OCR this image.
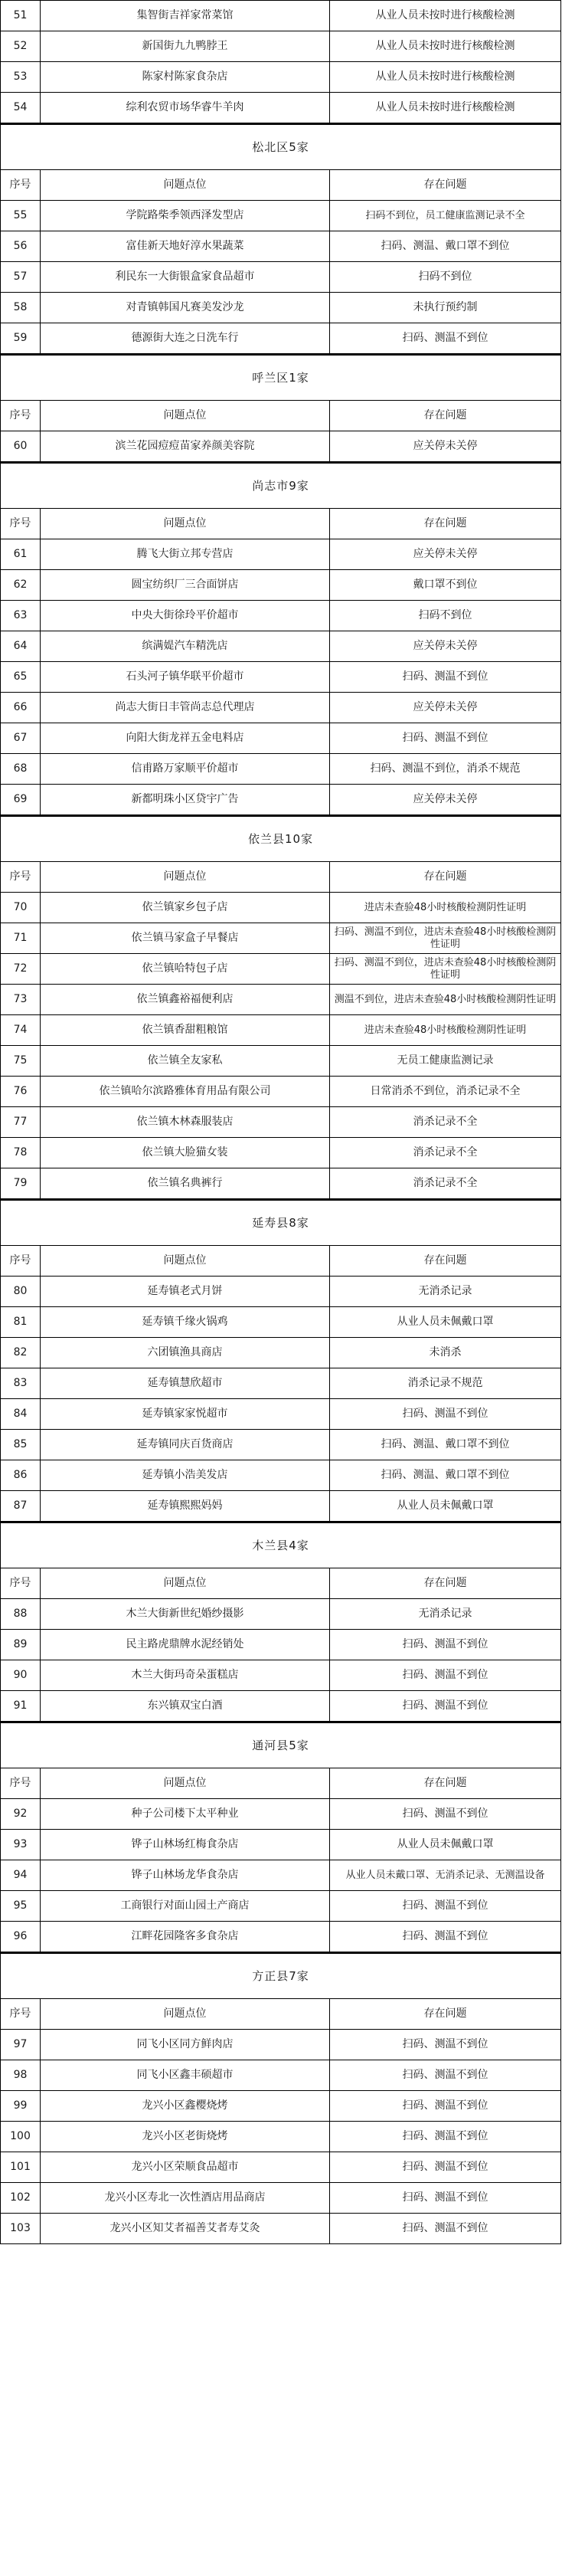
51	集智街吉祥家常菜馆	从业人员未按时进行核酸检测
52	新国街九九鸭脖王	从业人员未按时进行核酸检测
53	陈家村陈家食杂店	从业人员未按时进行核酸检测
54	综利农贸市场华睿牛羊肉	从业人员未按时进行核酸检测
松北区5家		
序号	问题点位	存在问题
55	学院路柴季领西泽发型店	扫码不到位，员工健康监测记录不全
56	富佳新天地好淳水果蔬菜	扫码、测温、戴口罩不到位
57	利民东一大街银盒家食品超市	扫码不到位
58	对青镇韩国凡赛美发沙龙	未执行预约制
59	德源街大连之日洗车行	扫码、测温不到位
呼兰区1家		
序号	问题点位	存在问题
60	滨兰花园痘痘苗家养颜美容院	应关停未关停
尚志市9家		
序号	问题点位	存在问题
61	腾飞大街立邦专营店	应关停未关停
62	圆宝纺织厂三合面饼店	戴口罩不到位
63	中央大街徐玲平价超市	扫码不到位
64	缤满媞汽车精洗店	应关停未关停
65	石头河子镇华联平价超市	扫码、测温不到位
66	尚志大街日丰管尚志总代理店	应关停未关停
67	向阳大街龙祥五金电料店	扫码、测温不到位
68	信甫路万家顺平价超市	扫码、测温不到位，消杀不规范
69	新都明珠小区贷宇广告	应关停未关停
依兰县10家		
序号	问题点位	存在问题
70	依兰镇家乡包子店	进店未查验48小时核酸检测阴性证明
71	依兰镇马家盒子早餐店	扫码、测温不到位，进店未查验48小时核酸检测阴性证明
72	依兰镇哈特包子店	扫码、测温不到位，进店未查验48小时核酸检测阴性证明
73	依兰镇鑫裕福便利店	测温不到位，进店未查验48小时核酸检测阴性证明
74	依兰镇香甜粗粮馆	进店未查验48小时核酸检测阴性证明
75	依兰镇全友家私	无员工健康监测记录
76	依兰镇哈尔滨路雅体育用品有限公司	日常消杀不到位，消杀记录不全
77	依兰镇木林森服装店	消杀记录不全
78	依兰镇大脸猫女装	消杀记录不全
79	依兰镇名典裤行	消杀记录不全
延寿县8家		
序号	问题点位	存在问题
80	延寿镇老式月饼	无消杀记录
81	延寿镇千缘火锅鸡	从业人员未佩戴口罩
82	六团镇渔具商店	未消杀
83	延寿镇慧欣超市	消杀记录不规范
84	延寿镇家家悦超市	扫码、测温不到位
85	延寿镇同庆百货商店	扫码、测温、戴口罩不到位
86	延寿镇小浩美发店	扫码、测温、戴口罩不到位
87	延寿镇熙熙妈妈	从业人员未佩戴口罩
木兰县4家		
序号	问题点位	存在问题
88	木兰大街新世纪婚纱摄影	无消杀记录
89	民主路虎鼎牌水泥经销处	扫码、测温不到位
90	木兰大街玛奇朵蛋糕店	扫码、测温不到位
91	东兴镇双宝白酒	扫码、测温不到位
通河县5家		
序号	问题点位	存在问题
92	种子公司楼下太平种业	扫码、测温不到位
93	铧子山林场红梅食杂店	从业人员未佩戴口罩
94	铧子山林场龙华食杂店	从业人员未戴口罩、无消杀记录、无测温设备
95	工商银行对面山园土产商店	扫码、测温不到位
96	江畔花园隆客多食杂店	扫码、测温不到位
方正县7家		
序号	问题点位	存在问题
97	同飞小区同方鲜肉店	扫码、测温不到位
98	同飞小区鑫丰硕超市	扫码、测温不到位
99	龙兴小区鑫樱烧烤	扫码、测温不到位
100	龙兴小区老街烧烤	扫码、测温不到位
101	龙兴小区荣顺食品超市	扫码、测温不到位
102	龙兴小区寿北一次性酒店用品商店	扫码、测温不到位
103	龙兴小区知艾者福善艾者寿艾灸	扫码、测温不到位
